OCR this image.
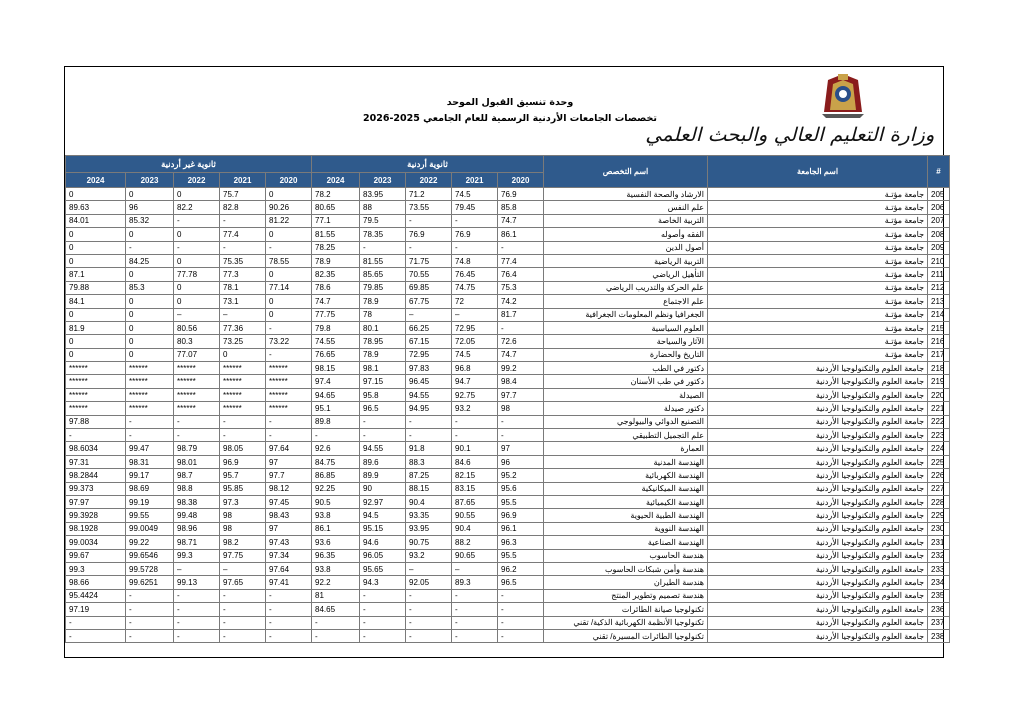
وحدة تنسيق القبول الموحد
تخصصات الجامعات الأردنية الرسمية للعام الجامعي 2025-2026
وزارة التعليم العالي والبحث العلمي
ثانوية غير أردنية					ثانوية أردنية					اسم التخصص	اسم الجامعة	#
2024	2023	2022	2021	2020	2024	2023	2022	2021	2020			
0	0	0	75.7	0	78.2	83.95	71.2	74.5	76.9	الارشاد والصحة النفسية	جامعة مؤتـة	205
89.63	96	82.2	82.8	90.26	80.65	88	73.55	79.45	85.8	علم النفس	جامعة مؤتـة	206
84.01	85.32	-	-	81.22	77.1	79.5	-	-	74.7	التربية الخاصة	جامعة مؤتـة	207
0	0	0	77.4	0	81.55	78.35	76.9	76.9	86.1	الفقه وأصوله	جامعة مؤتـة	208
0	-	-	-	-	78.25	-	-	-	-	أصول الدين	جامعة مؤتـة	209
0	84.25	0	75.35	78.55	78.9	81.55	71.75	74.8	77.4	التربية الرياضية	جامعة مؤتـة	210
87.1	0	77.78	77.3	0	82.35	85.65	70.55	76.45	76.4	التأهيل الرياضي	جامعة مؤتـة	211
79.88	85.3	0	78.1	77.14	78.6	79.85	69.85	74.75	75.3	علم الحركة والتدريب الرياضي	جامعة مؤتـة	212
84.1	0	0	73.1	0	74.7	78.9	67.75	72	74.2	علم الاجتماع	جامعة مؤتـة	213
0	0	–	–	0	77.75	78	–	–	81.7	الجغرافيا ونظم المعلومات الجغرافية	جامعة مؤتـة	214
81.9	0	80.56	77.36	-	79.8	80.1	66.25	72.95	-	العلوم السياسية	جامعة مؤتـة	215
0	0	80.3	73.25	73.22	74.55	78.95	67.15	72.05	72.6	الآثار والسياحة	جامعة مؤتـة	216
0	0	77.07	0	-	76.65	78.9	72.95	74.5	74.7	التاريخ والحضارة	جامعة مؤتـة	217
******	******	******	******	******	98.15	98.1	97.83	96.8	99.2	دكتور في الطب	جامعة العلوم والتكنولوجيا الأردنية	218
******	******	******	******	******	97.4	97.15	96.45	94.7	98.4	دكتور في طب الأسنان	جامعة العلوم والتكنولوجيا الأردنية	219
******	******	******	******	******	94.65	95.8	94.55	92.75	97.7	الصيدلة	جامعة العلوم والتكنولوجيا الأردنية	220
******	******	******	******	******	95.1	96.5	94.95	93.2	98	دكتور صيدلة	جامعة العلوم والتكنولوجيا الأردنية	221
97.88	-	-	-	-	89.8	-	-	-	-	التصنيع الدوائي والبيولوجي	جامعة العلوم والتكنولوجيا الأردنية	222
-	-	-	-	-	-	-	-	-	-	علم التجميل التطبيقي	جامعة العلوم والتكنولوجيا الأردنية	223
98.6034	99.47	98.79	98.05	97.64	92.6	94.55	91.8	90.1	97	العمارة	جامعة العلوم والتكنولوجيا الأردنية	224
97.31	98.31	98.01	96.9	97	84.75	89.6	88.3	84.6	96	الهندسة المدنية	جامعة العلوم والتكنولوجيا الأردنية	225
98.2844	99.17	98.7	95.7	97.7	86.85	89.9	87.25	82.15	95.2	الهندسة الكهربائية	جامعة العلوم والتكنولوجيا الأردنية	226
99.373	98.69	98.8	95.85	98.12	92.25	90	88.15	83.15	95.6	الهندسة الميكانيكية	جامعة العلوم والتكنولوجيا الأردنية	227
97.97	99.19	98.38	97.3	97.45	90.5	92.97	90.4	87.65	95.5	الهندسة الكيميائية	جامعة العلوم والتكنولوجيا الأردنية	228
99.3928	99.55	99.48	98	98.43	93.8	94.5	93.35	90.55	96.9	الهندسة الطبية الحيوية	جامعة العلوم والتكنولوجيا الأردنية	229
98.1928	99.0049	98.96	98	97	86.1	95.15	93.95	90.4	96.1	الهندسة النووية	جامعة العلوم والتكنولوجيا الأردنية	230
99.0034	99.22	98.71	98.2	97.43	93.6	94.6	90.75	88.2	96.3	الهندسة الصناعية	جامعة العلوم والتكنولوجيا الأردنية	231
99.67	99.6546	99.3	97.75	97.34	96.35	96.05	93.2	90.65	95.5	هندسة الحاسوب	جامعة العلوم والتكنولوجيا الأردنية	232
99.3	99.5728	–	–	97.64	93.8	95.65	–	–	96.2	هندسة وأمن شبكات الحاسوب	جامعة العلوم والتكنولوجيا الأردنية	233
98.66	99.6251	99.13	97.65	97.41	92.2	94.3	92.05	89.3	96.5	هندسة الطيران	جامعة العلوم والتكنولوجيا الأردنية	234
95.4424	-	-	-	-	81	-	-	-	-	هندسة تصميم وتطوير المنتج	جامعة العلوم والتكنولوجيا الأردنية	235
97.19	-	-	-	-	84.65	-	-	-	-	تكنولوجيا صيانة الطائرات	جامعة العلوم والتكنولوجيا الأردنية	236
-	-	-	-	-	-	-	-	-	-	تكنولوجيا الأنظمة الكهربائية الذكية/ تقني	جامعة العلوم والتكنولوجيا الأردنية	237
-	-	-	-	-	-	-	-	-	-	تكنولوجيا الطائرات المسيرة/ تقني	جامعة العلوم والتكنولوجيا الأردنية	238
